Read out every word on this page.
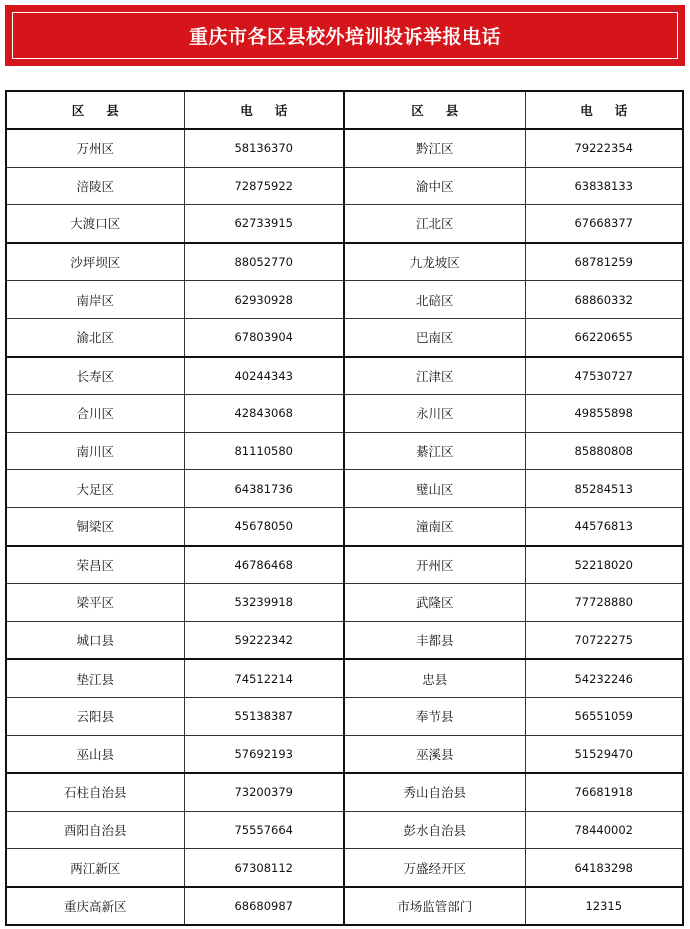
重庆市各区县校外培训投诉举报电话
区 县	电 话	区 县	电 话
万州区	58136370	黔江区	79222354
涪陵区	72875922	渝中区	63838133
大渡口区	62733915	江北区	67668377
沙坪坝区	88052770	九龙坡区	68781259
南岸区	62930928	北碚区	68860332
渝北区	67803904	巴南区	66220655
长寿区	40244343	江津区	47530727
合川区	42843068	永川区	49855898
南川区	81110580	綦江区	85880808
大足区	64381736	璧山区	85284513
铜梁区	45678050	潼南区	44576813
荣昌区	46786468	开州区	52218020
梁平区	53239918	武隆区	77728880
城口县	59222342	丰都县	70722275
垫江县	74512214	忠县	54232246
云阳县	55138387	奉节县	56551059
巫山县	57692193	巫溪县	51529470
石柱自治县	73200379	秀山自治县	76681918
酉阳自治县	75557664	彭水自治县	78440002
两江新区	67308112	万盛经开区	64183298
重庆高新区	68680987	市场监管部门	12315
